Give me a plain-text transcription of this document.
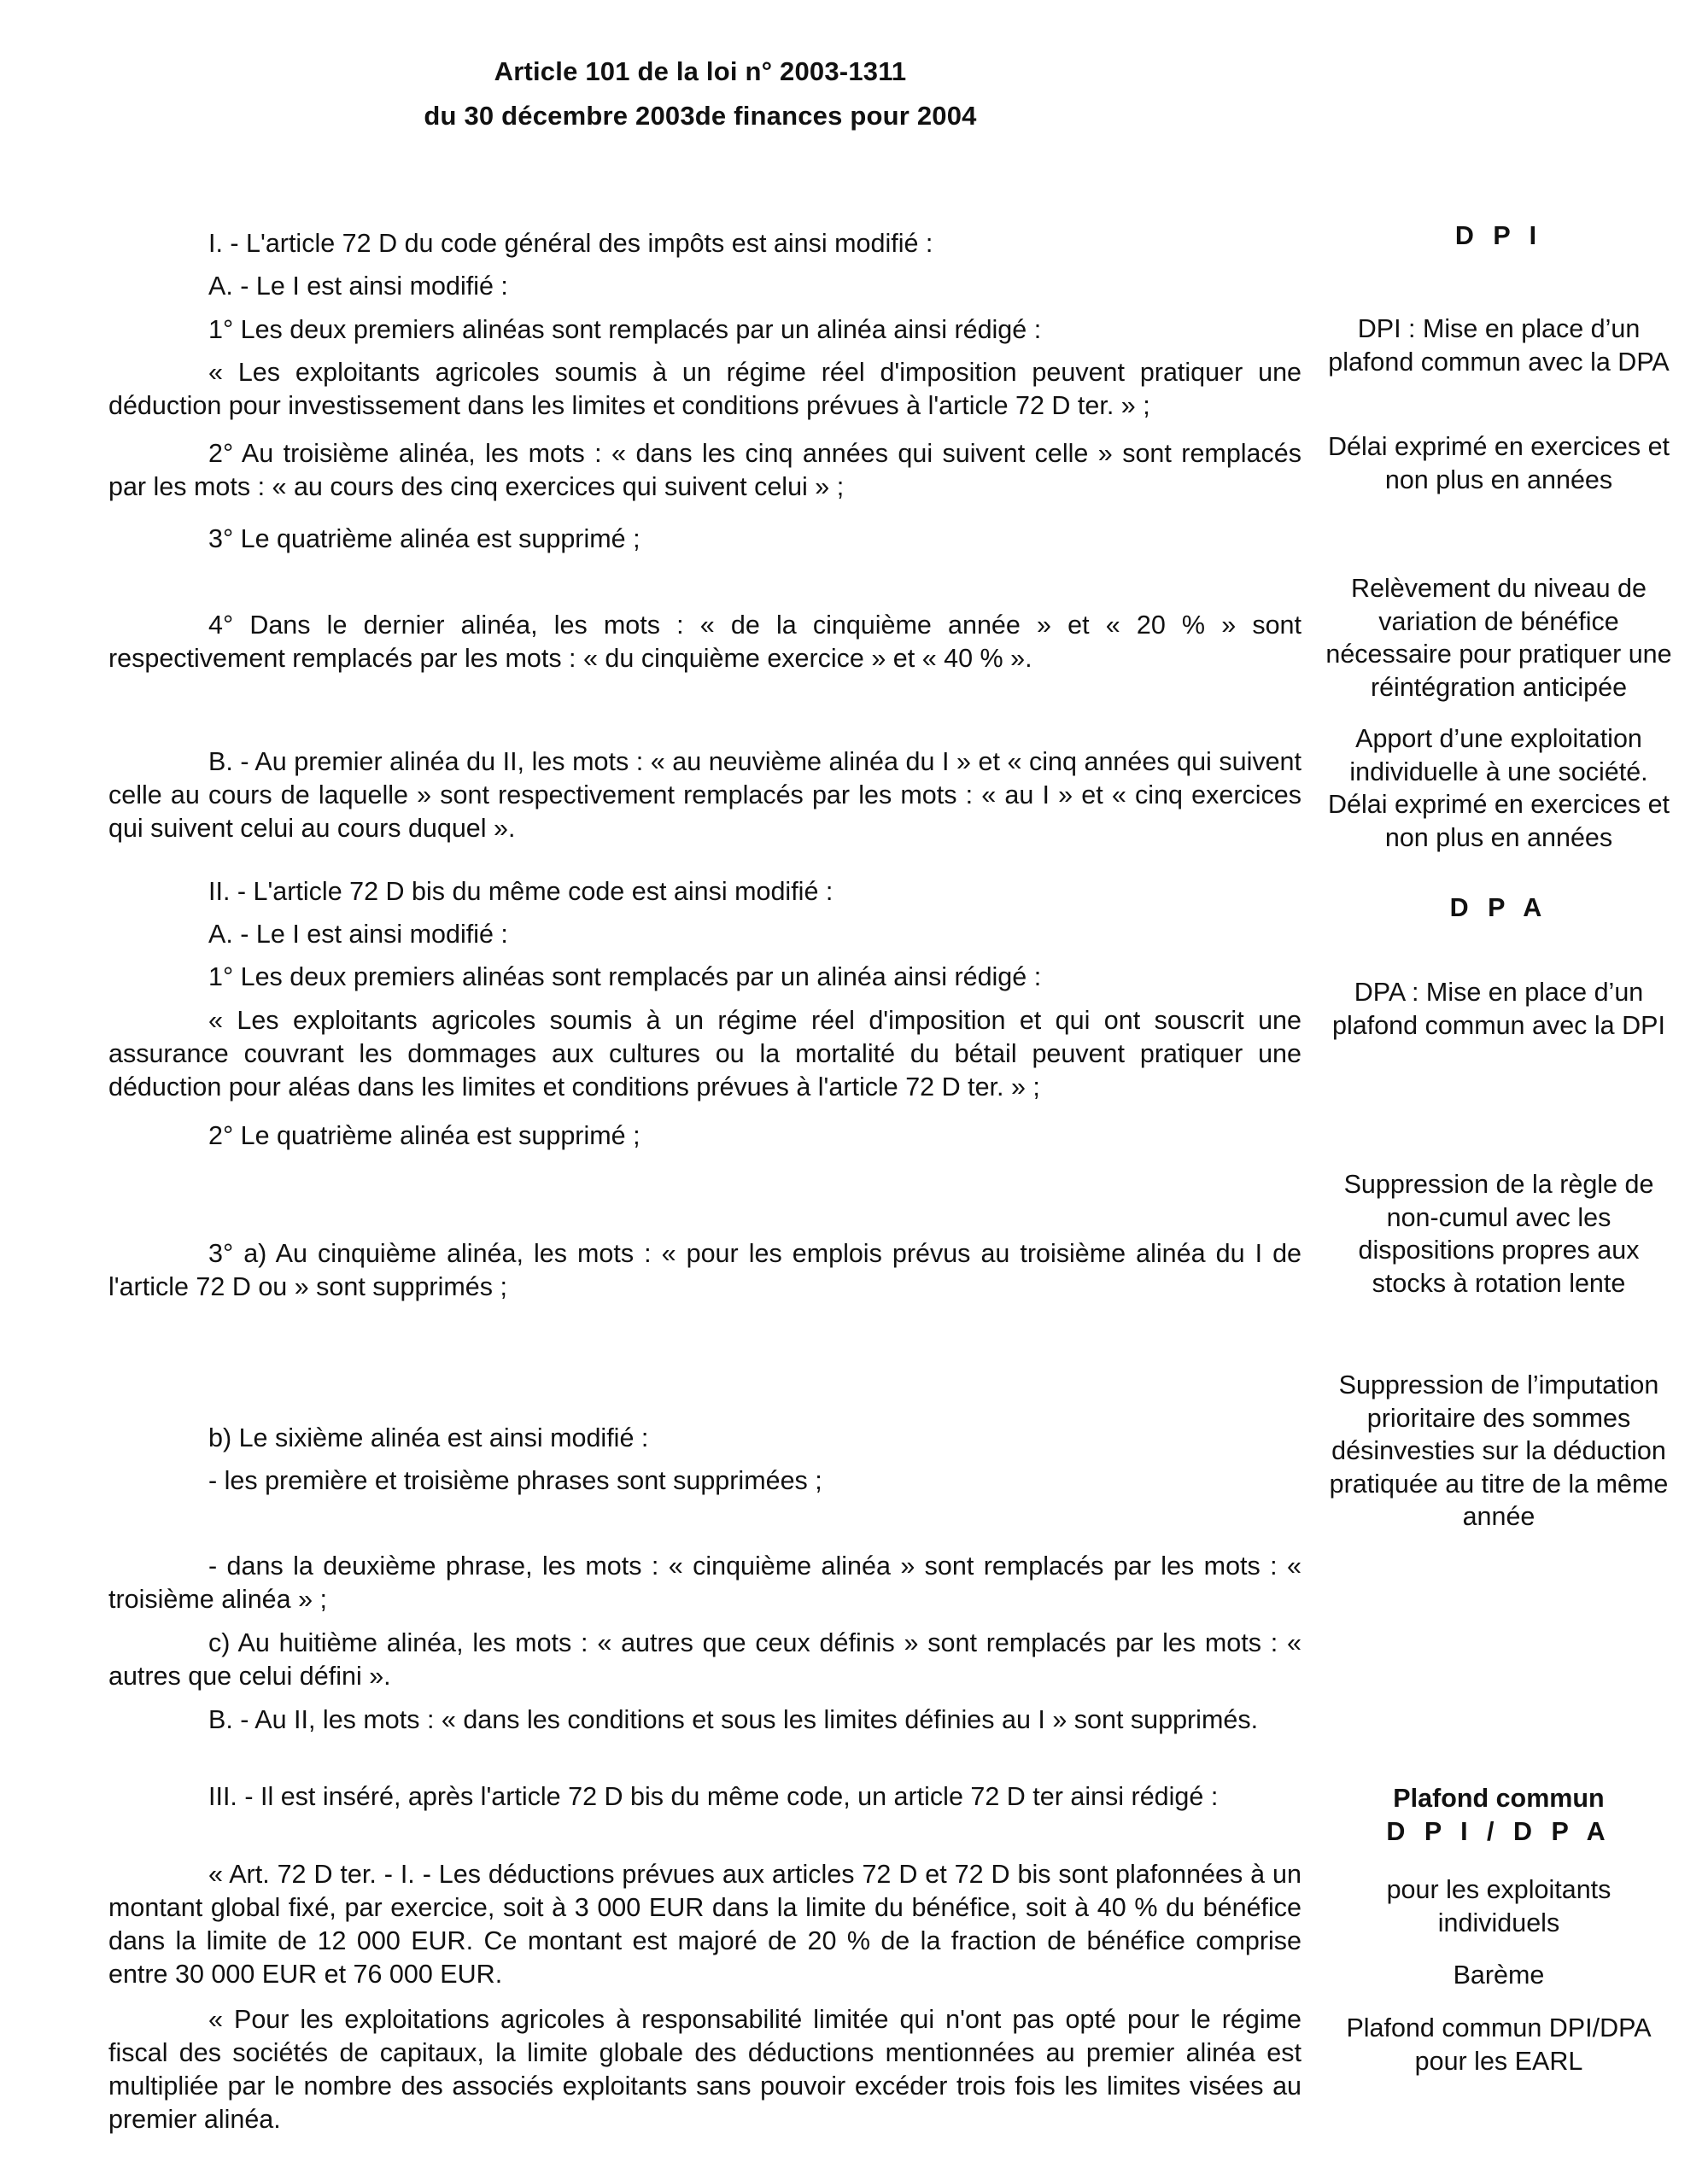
Article 101 de la loi n° 2003-1311
du 30 décembre 2003de finances pour 2004
I. - L'article 72 D du code général des impôts est ainsi modifié :
A. - Le I est ainsi modifié :
1° Les deux premiers alinéas sont remplacés par un alinéa ainsi rédigé :
« Les exploitants agricoles soumis à un régime réel d'imposition peuvent pratiquer une déduction pour investissement dans les limites et conditions prévues à l'article 72 D ter. » ;
2° Au troisième alinéa, les mots : « dans les cinq années qui suivent celle » sont remplacés par les mots : « au cours des cinq exercices qui suivent celui » ;
3° Le quatrième alinéa est supprimé ;
4° Dans le dernier alinéa, les mots : « de la cinquième année » et « 20 % » sont respectivement remplacés par les mots : « du cinquième exercice » et « 40 % ».
B. - Au premier alinéa du II, les mots : « au neuvième alinéa du I » et « cinq années qui suivent celle au cours de laquelle » sont respectivement remplacés par les mots : « au I » et « cinq exercices qui suivent celui au cours duquel ».
II. - L'article 72 D bis du même code est ainsi modifié :
A. - Le I est ainsi modifié :
1° Les deux premiers alinéas sont remplacés par un alinéa ainsi rédigé :
« Les exploitants agricoles soumis à un régime réel d'imposition et qui ont souscrit une assurance couvrant les dommages aux cultures ou la mortalité du bétail peuvent pratiquer une déduction pour aléas dans les limites et conditions prévues à l'article 72 D ter. » ;
2° Le quatrième alinéa est supprimé ;
3° a) Au cinquième alinéa, les mots : « pour les emplois prévus au troisième alinéa du I de l'article 72 D ou » sont supprimés ;
b) Le sixième alinéa est ainsi modifié :
- les première et troisième phrases sont supprimées ;
- dans la deuxième phrase, les mots : « cinquième alinéa » sont remplacés par les mots : « troisième alinéa » ;
c) Au huitième alinéa, les mots : « autres que ceux définis » sont remplacés par les mots : « autres que celui défini ».
B. - Au II, les mots : « dans les conditions et sous les limites définies au I » sont supprimés.
III. - Il est inséré, après l'article 72 D bis du même code, un article 72 D ter ainsi rédigé :
« Art. 72 D ter. - I. - Les déductions prévues aux articles 72 D et 72 D bis sont plafonnées à un montant global fixé, par exercice, soit à 3 000 EUR dans la limite du bénéfice, soit à 40 % du bénéfice dans la limite de 12 000 EUR. Ce montant est majoré de 20 % de la fraction de bénéfice comprise entre 30 000 EUR et 76 000 EUR.
« Pour les exploitations agricoles à responsabilité limitée qui n'ont pas opté pour le régime fiscal des sociétés de capitaux, la limite globale des déductions mentionnées au premier alinéa est multipliée par le nombre des associés exploitants sans pouvoir excéder trois fois les limites visées au premier alinéa.
D P I
DPI : Mise en place d’un plafond commun avec la DPA
Délai exprimé en exercices et non plus en années
Relèvement du niveau de variation de bénéfice nécessaire pour pratiquer une réintégration anticipée
Apport d’une exploitation individuelle à une société. Délai exprimé en exercices et non plus en années
D P A
DPA : Mise en place d’un plafond commun avec la DPI
Suppression de la règle de non-cumul avec les dispositions propres aux stocks à rotation lente
Suppression de l’imputation prioritaire des sommes désinvesties sur la déduction pratiquée au titre de la même année
Plafond commun
D P I / D P A
pour les exploitants individuels
Barème
Plafond commun DPI/DPA pour les EARL
